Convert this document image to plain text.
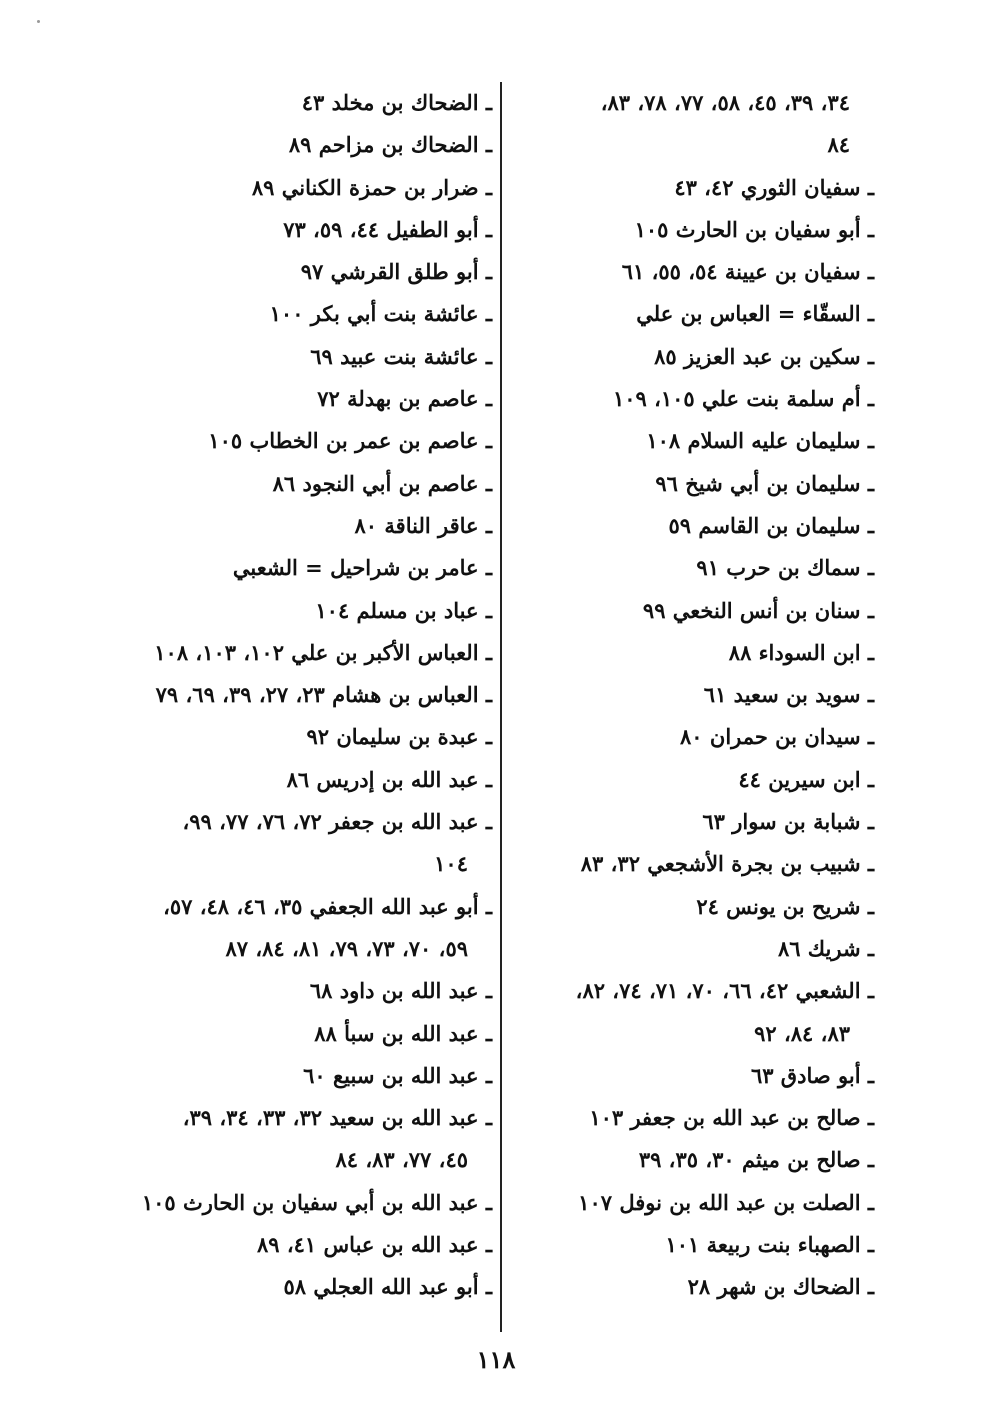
٣٤، ٣٩، ٤٥، ٥٨، ٧٧، ٧٨، ٨٣،
٨٤
ـ سفيان الثوري ٤٢، ٤٣
ـ أبو سفيان بن الحارث ١٠٥
ـ سفيان بن عيينة ٥٤، ٥٥، ٦١
ـ السقّاء = العباس بن علي
ـ سكين بن عبد العزيز ٨٥
ـ أم سلمة بنت علي ١٠٥، ١٠٩
ـ سليمان عليه السلام ١٠٨
ـ سليمان بن أبي شيخ ٩٦
ـ سليمان بن القاسم ٥٩
ـ سماك بن حرب ٩١
ـ سنان بن أنس النخعي ٩٩
ـ ابن السوداء ٨٨
ـ سويد بن سعيد ٦١
ـ سيدان بن حمران ٨٠
ـ ابن سيرين ٤٤
ـ شبابة بن سوار ٦٣
ـ شبيب بن بجرة الأشجعي ٣٢، ٨٣
ـ شريح بن يونس ٢٤
ـ شريك ٨٦
ـ الشعبي ٤٢، ٦٦، ٧٠، ٧١، ٧٤، ٨٢،
٨٣، ٨٤، ٩٢
ـ أبو صادق ٦٣
ـ صالح بن عبد الله بن جعفر ١٠٣
ـ صالح بن ميثم ٣٠، ٣٥، ٣٩
ـ الصلت بن عبد الله بن نوفل ١٠٧
ـ الصهباء بنت ربيعة ١٠١
ـ الضحاك بن شهر ٢٨
ـ الضحاك بن مخلد ٤٣
ـ الضحاك بن مزاحم ٨٩
ـ ضرار بن حمزة الكناني ٨٩
ـ أبو الطفيل ٤٤، ٥٩، ٧٣
ـ أبو طلق القرشي ٩٧
ـ عائشة بنت أبي بكر ١٠٠
ـ عائشة بنت عبيد ٦٩
ـ عاصم بن بهدلة ٧٢
ـ عاصم بن عمر بن الخطاب ١٠٥
ـ عاصم بن أبي النجود ٨٦
ـ عاقر الناقة ٨٠
ـ عامر بن شراحيل = الشعبي
ـ عباد بن مسلم ١٠٤
ـ العباس الأكبر بن علي ١٠٢، ١٠٣، ١٠٨
ـ العباس بن هشام ٢٣، ٢٧، ٣٩، ٦٩، ٧٩
ـ عبدة بن سليمان ٩٢
ـ عبد الله بن إدريس ٨٦
ـ عبد الله بن جعفر ٧٢، ٧٦، ٧٧، ٩٩،
١٠٤
ـ أبو عبد الله الجعفي ٣٥، ٤٦، ٤٨، ٥٧،
٥٩، ٧٠، ٧٣، ٧٩، ٨١، ٨٤، ٨٧
ـ عبد الله بن داود ٦٨
ـ عبد الله بن سبأ ٨٨
ـ عبد الله بن سبيع ٦٠
ـ عبد الله بن سعيد ٣٢، ٣٣، ٣٤، ٣٩،
٤٥، ٧٧، ٨٣، ٨٤
ـ عبد الله بن أبي سفيان بن الحارث ١٠٥
ـ عبد الله بن عباس ٤١، ٨٩
ـ أبو عبد الله العجلي ٥٨
١١٨
